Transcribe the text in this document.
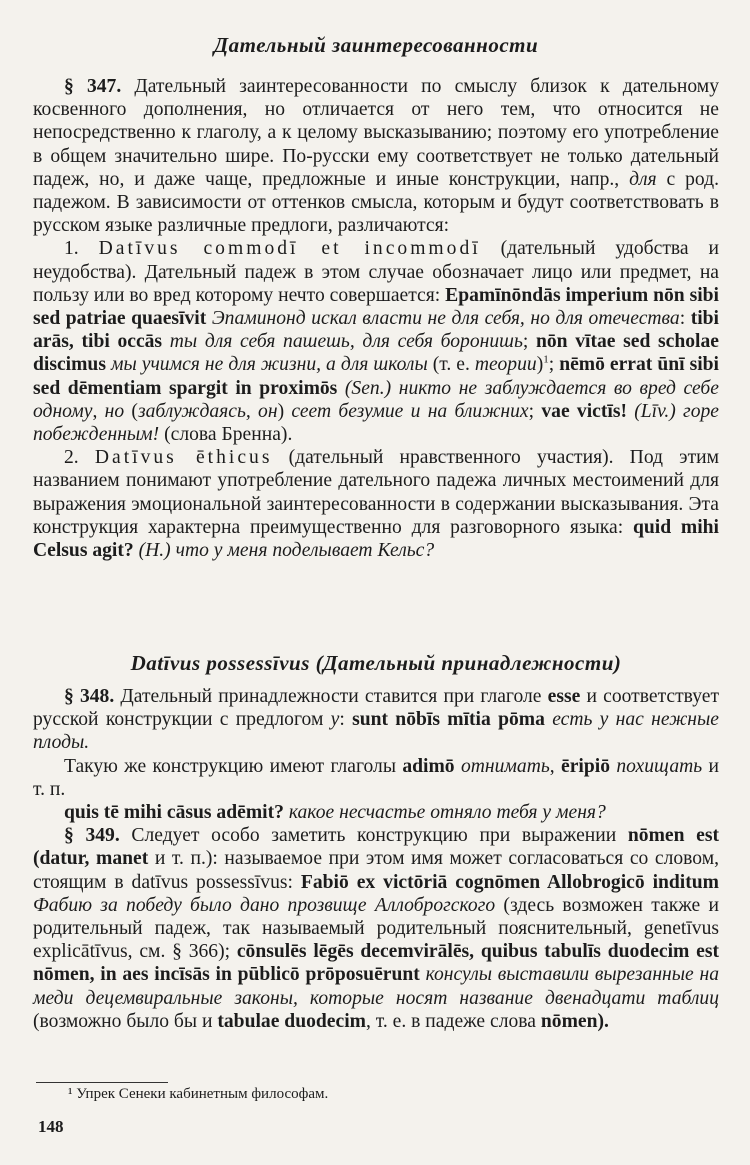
Дательный заинтересованности

§ 347. Дательный заинтересованности по смыслу близок к дательному косвенного дополнения, но отличается от него тем, что относится не непосредственно к глаголу, а к целому высказыванию; поэтому его употребление в общем значительно шире. По-русски ему соответствует не только дательный падеж, но, и даже чаще, предложные и иные конструкции, напр., для с род. падежом. В зависимости от оттенков смысла, которым и будут соответствовать в русском языке различные предлоги, различаются:

1. Datīvus commodī et incommodī (дательный удобства и неудобства). Дательный падеж в этом случае обозначает лицо или предмет, на пользу или во вред которому нечто совершается: Epamīnōndās imperium nōn sibi sed patriae quaesīvit Эпаминонд искал власти не для себя, но для отечества: tibi arās, tibi occās ты для себя пашешь, для себя боронишь; nōn vītae sed scholae discimus мы учимся не для жизни, а для школы (т. е. теории)$^1$; nēmō errat ūnī sibi sed dēmentiam spargit in proximōs (Sen.) никто не заблуждается во вред себе одному, но (заблуждаясь, он) сеет безумие и на ближних; vae victīs! (Līv.) горе побежденным! (слова Бренна).

2. Datīvus ēthicus (дательный нравственного участия). Под этим названием понимают употребление дательного падежа личных местоимений для выражения эмоциональной заинтересованности в содержании высказывания. Эта конструкция характерна преимущественно для разговорного языка: quid mihi Celsus agit? (H.) что у меня поделывает Кельс?

Datīvus possessīvus (Дательный принадлежности)

§ 348. Дательный принадлежности ставится при глаголе esse и соответствует русской конструкции с предлогом у: sunt nōbīs mītia pōma есть у нас нежные плоды.

Такую же конструкцию имеют глаголы adimō отнимать, ēripiō похищать и т. п.

quis tē mihi cāsus adēmit? какое несчастье отняло тебя у меня?

§ 349. Следует особо заметить конструкцию при выражении nōmen est (datur, manet и т. п.): называемое при этом имя может согласоваться со словом, стоящим в datīvus possessīvus: Fabiō ex victōriā cognōmen Allobrogicō inditum Фабию за победу было дано прозвище Аллоброгского (здесь возможен также и родительный падеж, так называемый родительный пояснительный, genetīvus explicātīvus, см. § 366); cōnsulēs lēgēs decemvirālēs, quibus tabulīs duodecim est nōmen, in aes incīsās in pūblicō prōposuērunt консулы выставили вырезанные на меди децемвиральные законы, которые носят название двенадцати таблиц (возможно было бы и tabulae duodecim, т. е. в падеже слова nōmen).

¹ Упрек Сенеки кабинетным философам.

148
